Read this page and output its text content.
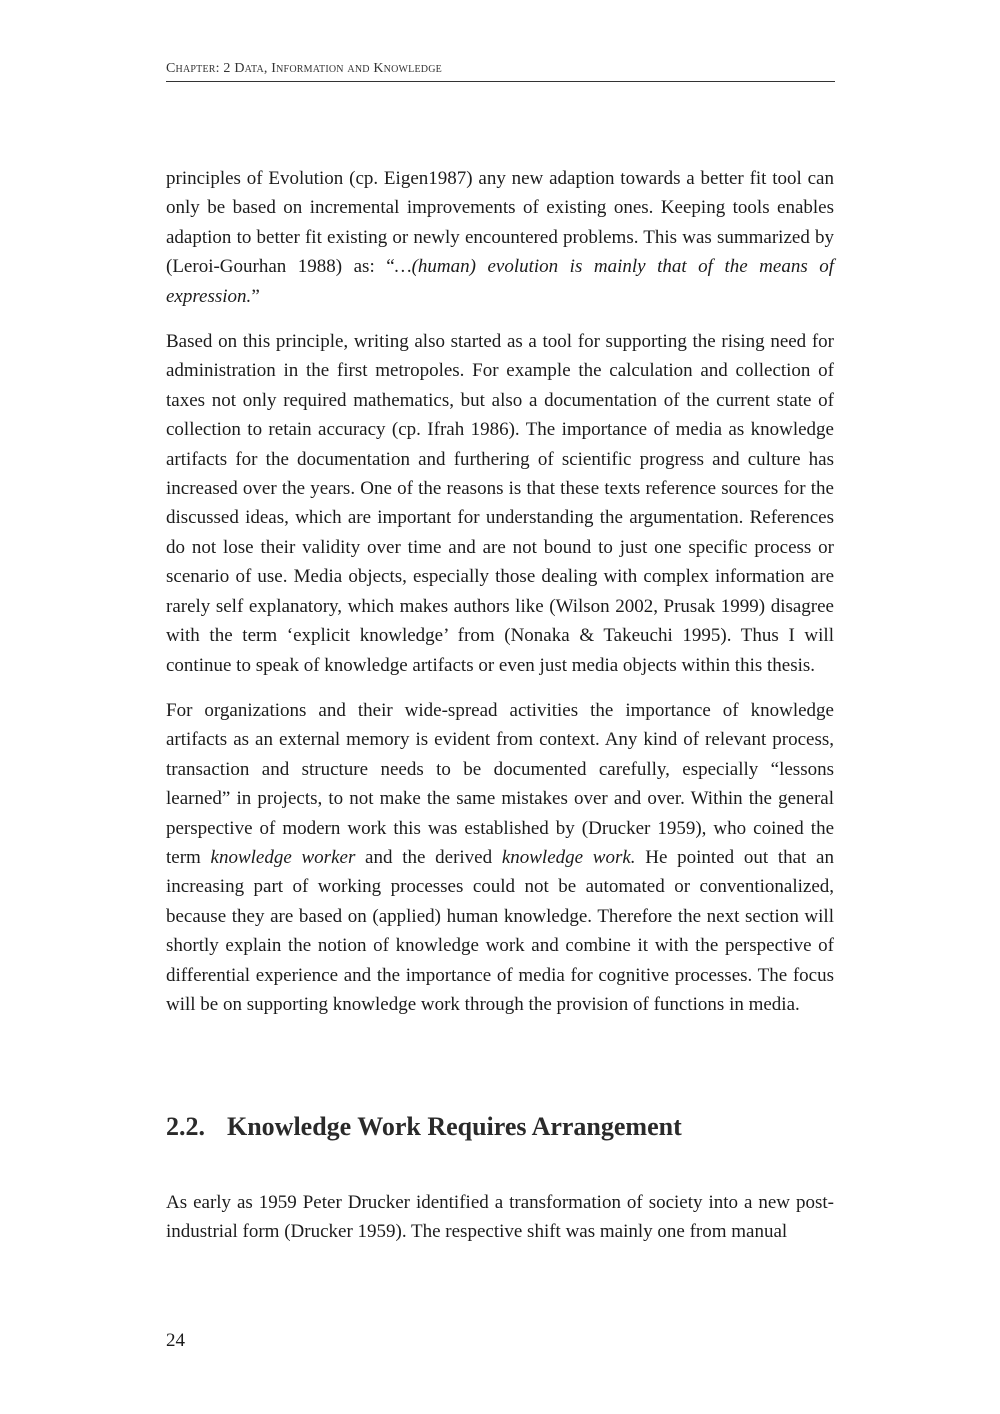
Chapter: 2 Data, Information and Knowledge

principles of Evolution (cp. Eigen1987) any new adaption towards a better fit tool can only be based on incremental improvements of existing ones. Keeping tools enables adaption to better fit existing or newly encountered problems. This was summarized by (Leroi-Gourhan 1988) as: “…(human) evolution is mainly that of the means of expression.”

Based on this principle, writing also started as a tool for supporting the rising need for administration in the first metropoles. For example the calculation and collection of taxes not only required mathematics, but also a documentation of the current state of collection to retain accuracy (cp. Ifrah 1986). The importance of media as knowledge artifacts for the documentation and furthering of scientific progress and culture has increased over the years. One of the reasons is that these texts reference sources for the discussed ideas, which are important for understanding the argumentation. References do not lose their validity over time and are not bound to just one specific process or scenario of use. Media objects, especially those dealing with complex information are rarely self explanatory, which makes authors like (Wilson 2002, Prusak 1999) disagree with the term ‘explicit knowledge’ from (Nonaka & Takeuchi 1995). Thus I will continue to speak of knowledge artifacts or even just media objects within this thesis.

For organizations and their wide-spread activities the importance of knowledge artifacts as an external memory is evident from context. Any kind of relevant process, transaction and structure needs to be documented carefully, especially “lessons learned” in projects, to not make the same mistakes over and over. Within the general perspective of modern work this was established by (Drucker 1959), who coined the term knowledge worker and the derived knowledge work. He pointed out that an increasing part of working processes could not be automated or conventionalized, because they are based on (applied) human knowledge. Therefore the next section will shortly explain the notion of knowledge work and combine it with the perspective of differential experience and the importance of media for cognitive processes. The focus will be on supporting knowledge work through the provision of functions in media.

2.2. Knowledge Work Requires Arrangement

As early as 1959 Peter Drucker identified a transformation of society into a new post-industrial form (Drucker 1959). The respective shift was mainly one from manual

24
